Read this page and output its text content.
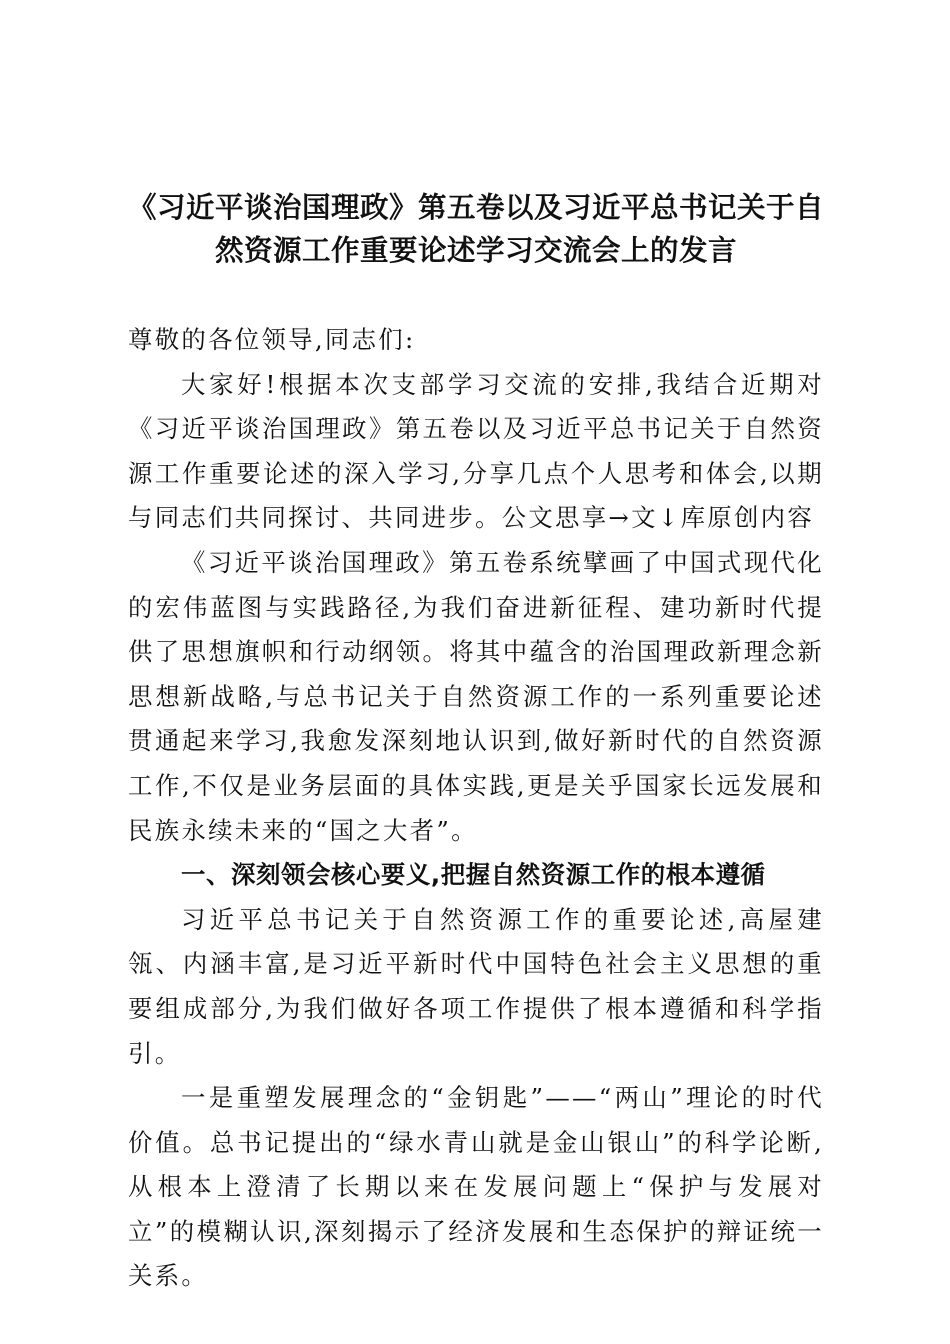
《习近平谈治国理政》第五卷以及习近平总书记关于自
然资源工作重要论述学习交流会上的发言

尊敬的各位领导,同志们:

大家好!根据本次支部学习交流的安排,我结合近期对《习近平谈治国理政》第五卷以及习近平总书记关于自然资源工作重要论述的深入学习,分享几点个人思考和体会,以期与同志们共同探讨、共同进步。公文思享→文↓库原创内容

《习近平谈治国理政》第五卷系统擘画了中国式现代化的宏伟蓝图与实践路径,为我们奋进新征程、建功新时代提供了思想旗帜和行动纲领。将其中蕴含的治国理政新理念新思想新战略,与总书记关于自然资源工作的一系列重要论述贯通起来学习,我愈发深刻地认识到,做好新时代的自然资源工作,不仅是业务层面的具体实践,更是关乎国家长远发展和民族永续未来的“国之大者”。

一、深刻领会核心要义,把握自然资源工作的根本遵循

习近平总书记关于自然资源工作的重要论述,高屋建瓴、内涵丰富,是习近平新时代中国特色社会主义思想的重要组成部分,为我们做好各项工作提供了根本遵循和科学指引。

一是重塑发展理念的“金钥匙”——“两山”理论的时代价值。总书记提出的“绿水青山就是金山银山”的科学论断,从根本上澄清了长期以来在发展问题上“保护与发展对立”的模糊认识,深刻揭示了经济发展和生态保护的辩证统一关系。
